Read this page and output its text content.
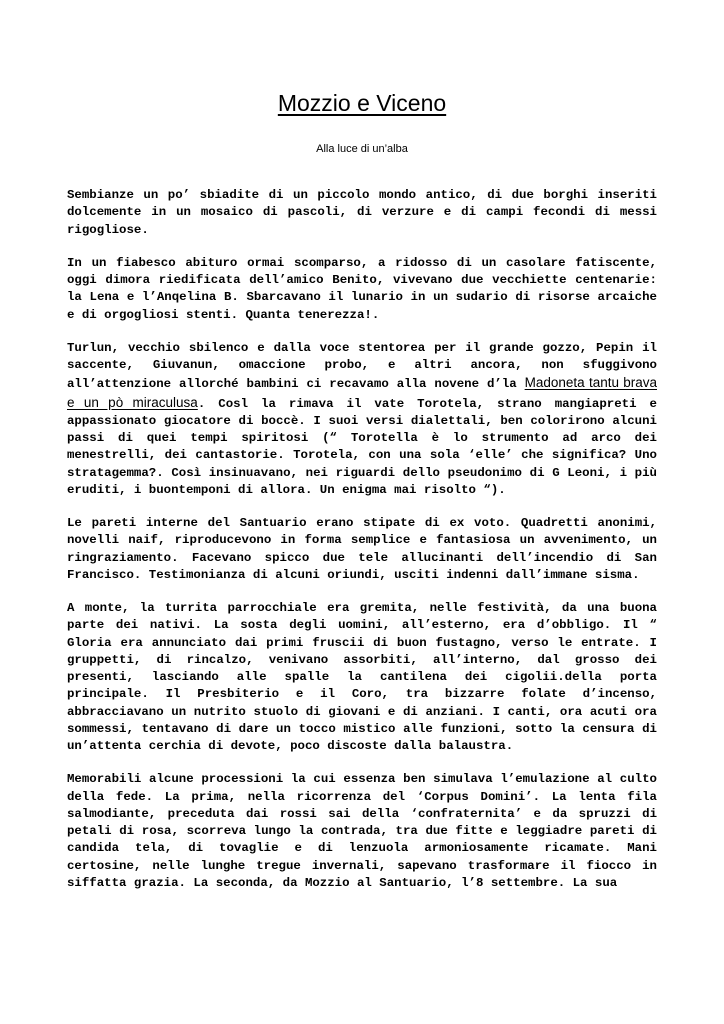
Mozzio e Viceno
Alla luce di un’alba

Sembianze un po’ sbiadite di un piccolo mondo antico, di due borghi inseriti dolcemente in un mosaico di pascoli, di verzure e di campi fecondi di messi rigogliose.

In un fiabesco abituro ormai scomparso, a ridosso di un casolare fatiscente, oggi dimora riedificata dell’amico Benito, vivevano due vecchiette centenarie: la Lena e l’Anqelina B. Sbarcavano il lunario in un sudario di risorse arcaiche e di orgogliosi stenti. Quanta tenerezza!.

Turlun, vecchio sbilenco e dalla voce stentorea per il grande gozzo, Pepin il saccente, Giuvanun, omaccione probo, e altri ancora, non sfuggivono all’attenzione allorché bambini ci recavamo alla novene d’la Madoneta tantu brava e un pò miraculusa. Cosl la rimava il vate Torotela, strano mangiapreti e appassionato giocatore di boccè. I suoi versi dialettali, ben colorirono alcuni passi di quei tempi spiritosi (“ Torotella è lo strumento ad arco dei menestrelli, dei cantastorie. Torotela, con una sola ‘elle’ che significa? Uno stratagemma?. Così insinuavano, nei riguardi dello pseudonimo di G Leoni, i più eruditi, i buontemponi di allora. Un enigma mai risolto “).

Le pareti interne del Santuario erano stipate di ex voto. Quadretti anonimi, novelli naif, riproducevono in forma semplice e fantasiosa un avvenimento, un ringraziamento. Facevano spicco due tele allucinanti dell’incendio di San Francisco. Testimonianza di alcuni oriundi, usciti indenni dall’immane sisma.

A monte, la turrita parrocchiale era gremita, nelle festività, da una buona parte dei nativi. La sosta degli uomini, all’esterno, era d’obbligo. Il “ Gloria era annunciato dai primi fruscii di buon fustagno, verso le entrate. I gruppetti, di rincalzo, venivano assorbiti, all’interno, dal grosso dei presenti, lasciando alle spalle la cantilena dei cigolii.della porta principale. Il Presbiterio e il Coro, tra bizzarre folate d’incenso, abbracciavano un nutrito stuolo di giovani e di anziani. I canti, ora acuti ora sommessi, tentavano di dare un tocco mistico alle funzioni, sotto la censura di un’attenta cerchia di devote, poco discoste dalla balaustra.

Memorabili alcune processioni la cui essenza ben simulava l’emulazione al culto della fede. La prima, nella ricorrenza del ‘Corpus Domini’. La lenta fila salmodiante, preceduta dai rossi sai della ‘confraternita’ e da spruzzi di petali di rosa, scorreva lungo la contrada, tra due fitte e leggiadre pareti di candida tela, di tovaglie e di lenzuola armoniosamente ricamate. Mani certosine, nelle lunghe tregue invernali, sapevano trasformare il fiocco in siffatta grazia. La seconda, da Mozzio al Santuario, l’8 settembre. La sua
